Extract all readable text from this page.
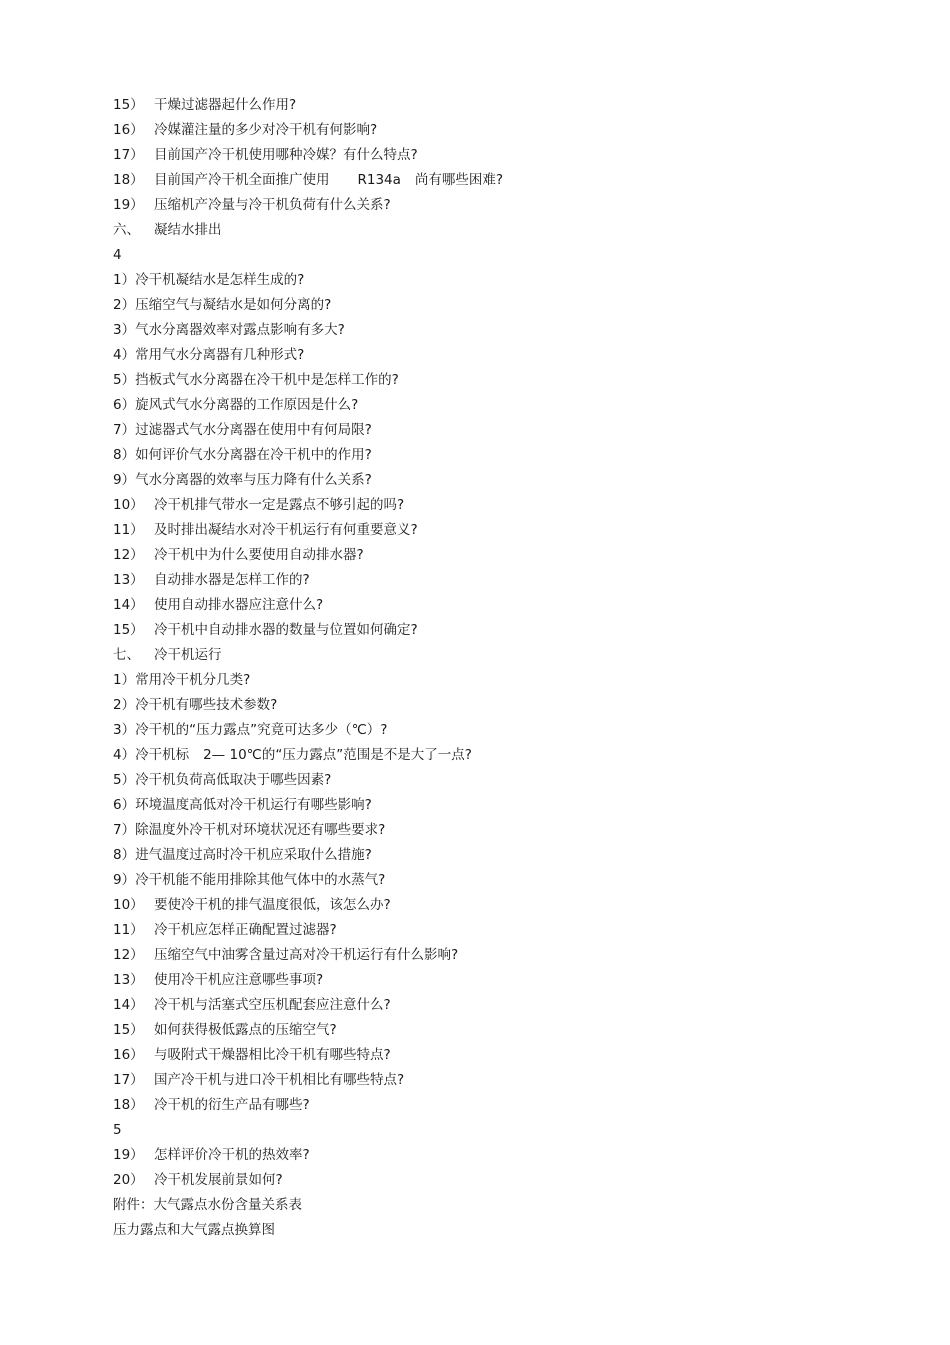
15） 干燥过滤器起什么作用?
16） 冷媒灌注量的多少对冷干机有何影响?
17） 目前国产冷干机使用哪种冷媒？有什么特点?
18） 目前国产冷干机全面推广使用 R134a 尚有哪些困难?
19） 压缩机产冷量与冷干机负荷有什么关系?
六、 凝结水排出
4
1）冷干机凝结水是怎样生成的?
2）压缩空气与凝结水是如何分离的?
3）气水分离器效率对露点影响有多大?
4）常用气水分离器有几种形式?
5）挡板式气水分离器在冷干机中是怎样工作的?
6）旋风式气水分离器的工作原因是什么?
7）过滤器式气水分离器在使用中有何局限?
8）如何评价气水分离器在冷干机中的作用?
9）气水分离器的效率与压力降有什么关系?
10） 冷干机排气带水一定是露点不够引起的吗?
11） 及时排出凝结水对冷干机运行有何重要意义?
12） 冷干机中为什么要使用自动排水器?
13） 自动排水器是怎样工作的?
14） 使用自动排水器应注意什么?
15） 冷干机中自动排水器的数量与位置如何确定?
七、 冷干机运行
1）常用冷干机分几类?
2）冷干机有哪些技术参数?
3）冷干机的“压力露点”究竟可达多少（℃）?
4）冷干机标 2— 10℃的“压力露点”范围是不是大了一点?
5）冷干机负荷高低取决于哪些因素?
6）环境温度高低对冷干机运行有哪些影响?
7）除温度外冷干机对环境状况还有哪些要求?
8）进气温度过高时冷干机应采取什么措施?
9）冷干机能不能用排除其他气体中的水蒸气?
10） 要使冷干机的排气温度很低，该怎么办?
11） 冷干机应怎样正确配置过滤器?
12） 压缩空气中油雾含量过高对冷干机运行有什么影响?
13） 使用冷干机应注意哪些事项?
14） 冷干机与活塞式空压机配套应注意什么?
15） 如何获得极低露点的压缩空气?
16） 与吸附式干燥器相比冷干机有哪些特点?
17） 国产冷干机与进口冷干机相比有哪些特点?
18） 冷干机的衍生产品有哪些?
5
19） 怎样评价冷干机的热效率?
20） 冷干机发展前景如何?
附件：大气露点水份含量关系表
压力露点和大气露点换算图
